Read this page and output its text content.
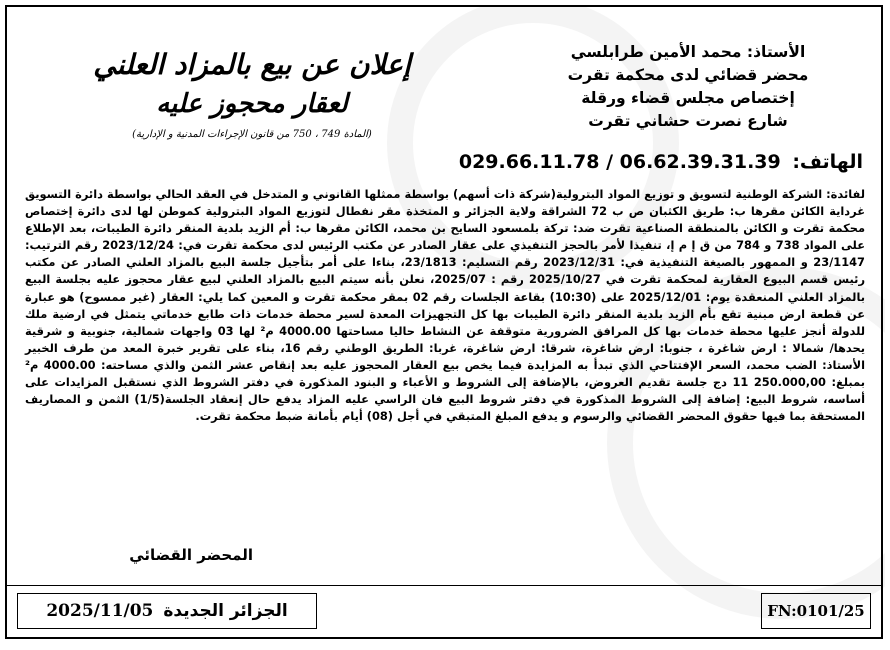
الأستاذ: محمد الأمين طرابلسي
محضر قضائي لدى محكمة تقرت
إختصاص مجلس قضاء ورقلة
شارع نصرت حشاني تقرت
إعلان عن بيع بالمزاد العلني
لعقار محجوز عليه
(المادة 749 ، 750 من قانون الإجراءات المدنية و الإدارية)
الهاتف: 029.66.11.78 / 06.62.39.31.39

لفائدة: الشركة الوطنية لتسويق و توزيع المواد البترولية(شركة ذات أسهم) بواسطة ممثلها القانوني و المتدخل في العقد الحالي بواسطة دائرة التسويق غرداية الكائن مقرها ب: طريق الكثبان ص ب 72 الشراقة ولاية الجزائر و المتخذة مقر نفطال لتوزيع المواد البترولية كموطن لها لدى دائرة إختصاص محكمة تقرت و الكائن بالمنطقة الصناعية تقرت ضد: تركة بلمسعود السايح بن محمد، الكائن مقرها ب: أم الزيد بلدية المنقر دائرة الطيبات، بعد الإطلاع على المواد 738 و 784 من ق إ م إ، تنفيذا لأمر بالحجز التنفيذي على عقار الصادر عن مكتب الرئيس لدى محكمة تقرت في: 2023/12/24 رقم الترتيب: 23/1147 و الممهور بالصيغة التنفيذية في: 2023/12/31 رقم التسليم: 23/1813، بناءا على أمر بتأجيل جلسة البيع بالمزاد العلني الصادر عن مكتب رئيس قسم البيوع العقارية لمحكمة تقرت في 2025/10/27 رقم : 2025/07، نعلن بأنه سيتم البيع بالمزاد العلني لبيع عقار محجوز عليه بجلسة البيع بالمزاد العلني المنعقدة يوم: 2025/12/01 على (10:30) بقاعة الجلسات رقم 02 بمقر محكمة تقرت و المعين كما يلي: العقار (غير ممسوح) هو عبارة عن قطعة ارض مبنية تقع بأم الزيد بلدية المنقر دائرة الطيبات بها كل التجهيزات المعدة لسير محطة خدمات ذات طابع خدماتي يتمثل في ارضية ملك للدولة أنجز عليها محطة خدمات بها كل المرافق الضرورية متوقفة عن النشاط حاليا مساحتها 4000.00 م² لها 03 واجهات شمالية، جنوبية و شرقية يحدها/ شمالا : ارض شاغرة ، جنوبا: ارض شاغرة، شرقا: ارض شاغرة، غربا: الطريق الوطني رقم 16، بناء على تقرير خبرة المعد من طرف الخبير الأستاذ: الضب محمد، السعر الإفتتاحي الذي تبدأ به المزايدة فيما يخص بيع العقار المحجوز عليه بعد إنقاص عشر الثمن والذي مساحته: 4000.00 م² بمبلغ: 250.000,00 11 دج جلسة تقديم العروض، بالإضافة إلى الشروط و الأعباء و البنود المذكورة في دفتر الشروط الذي نستقبل المزايدات على أساسه، شروط البيع: إضافة إلى الشروط المذكورة في دفتر شروط البيع فان الراسي عليه المزاد يدفع حال إنعقاد الجلسة(1/5) الثمن و المصاريف المستحقة بما فيها حقوق المحضر القضائي والرسوم و يدفع المبلغ المتبقي في أجل (08) أيام بأمانة ضبط محكمة تقرت.

المحضر القضائي
الجزائر الجديدة
2025/11/05	FN:0101/25
